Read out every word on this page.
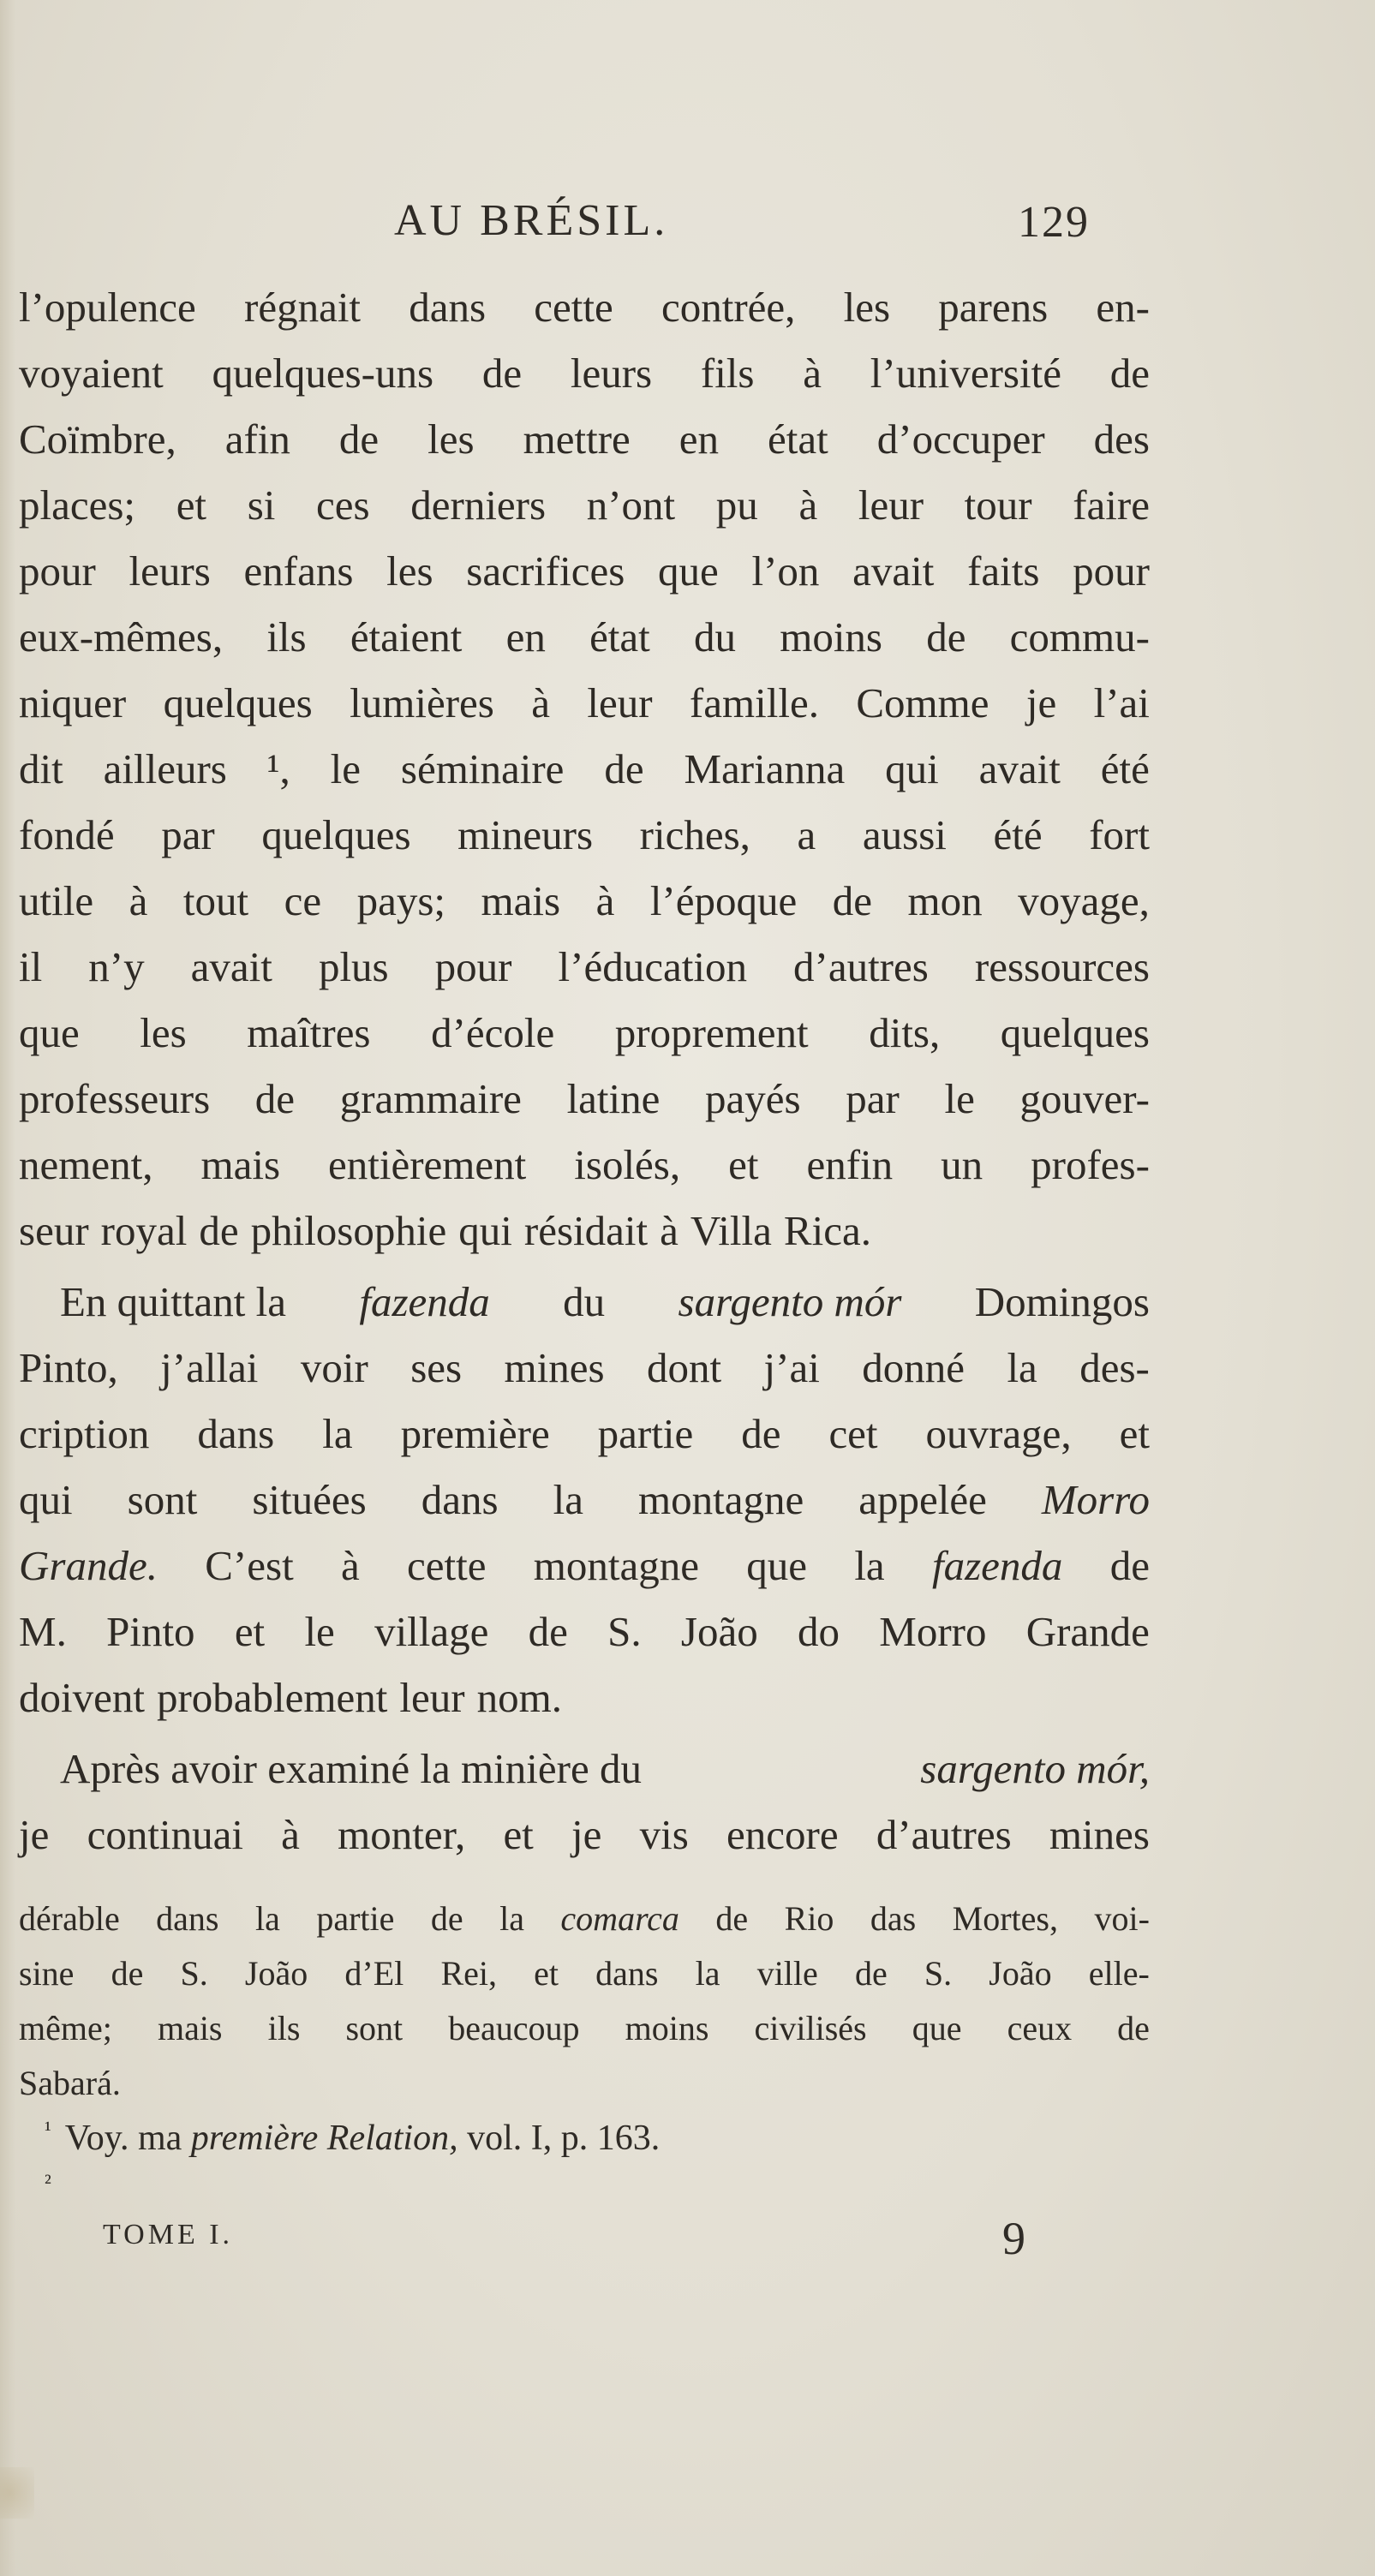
AU BRÉSIL.	129
l’opulence régnait dans cette contrée, les parens en-
voyaient quelques-uns de leurs fils à l’université de
Coïmbre, afin de les mettre en état d’occuper des
places; et si ces derniers n’ont pu à leur tour faire
pour leurs enfans les sacrifices que l’on avait faits pour
eux-mêmes, ils étaient en état du moins de commu-
niquer quelques lumières à leur famille. Comme je l’ai
dit ailleurs ¹, le séminaire de Marianna qui avait été
fondé par quelques mineurs riches, a aussi été fort
utile à tout ce pays; mais à l’époque de mon voyage,
il n’y avait plus pour l’éducation d’autres ressources
que les maîtres d’école proprement dits, quelques
professeurs de grammaire latine payés par le gouver-
nement, mais entièrement isolés, et enfin un profes-
seur royal de philosophie qui résidait à Villa Rica.
En quittant la fazenda du sargento mór Domingos
Pinto, j’allai voir ses mines dont j’ai donné la des-
cription dans la première partie de cet ouvrage, et
qui sont situées dans la montagne appelée Morro
Grande. C’est à cette montagne que la fazenda de
M. Pinto et le village de S. João do Morro Grande
doivent probablement leur nom.
Après avoir examiné la minière du	sargento mór,
je continuai à monter, et je vis encore d’autres mines
dérable dans la partie de la comarca de Rio das Mortes, voi-
sine de S. João d’El Rei, et dans la ville de S. João elle-
même; mais ils sont beaucoup moins civilisés que ceux de
Sabará.
$^{^1}$ Voy. ma première Relation, vol. I, p. 163.
²
TOME I.	9
